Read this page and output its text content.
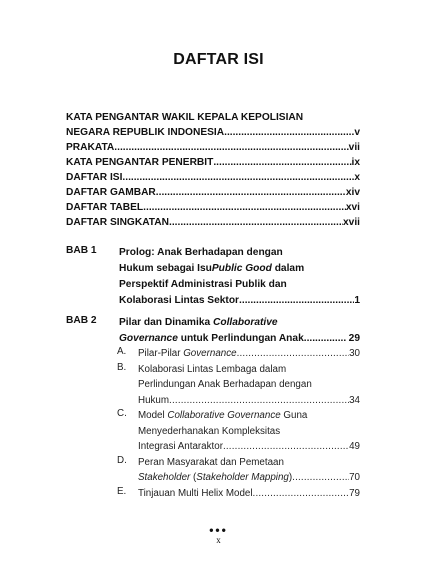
DAFTAR ISI
KATA PENGANTAR WAKIL KEPALA KEPOLISIAN
NEGARA REPUBLIK INDONESIA .....	v
PRAKATA .....	vii
KATA PENGANTAR PENERBIT .....	ix
DAFTAR ISI .....	x
DAFTAR GAMBAR .....	xiv
DAFTAR TABEL .....	xvi
DAFTAR SINGKATAN .....	xvii
BAB 1 Prolog: Anak Berhadapan dengan
Hukum sebagai Isu Public Good dalam
Perspektif Administrasi Publik dan
Kolaborasi Lintas Sektor .....	1
BAB 2 Pilar dan Dinamika Collaborative
Governance untuk Perlindungan Anak .....	29
A.	Pilar-Pilar Governance .....	30
B.	Kolaborasi Lintas Lembaga dalam
Perlindungan Anak Berhadapan dengan
Hukum .....	34
C.	Model Collaborative Governance Guna
Menyederhanakan Kompleksitas
Integrasi Antaraktor .....	49
D.	Peran Masyarakat dan Pemetaan
Stakeholder ( Stakeholder Mapping ) .....	70
E.	Tinjauan Multi Helix Model .....	79
•••
x
